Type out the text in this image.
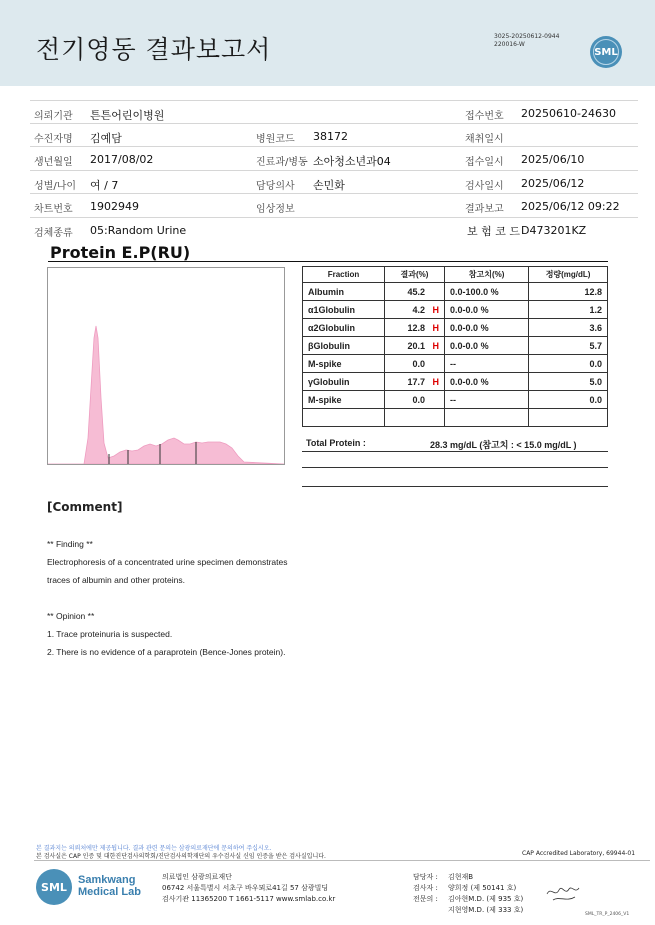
전기영동 결과보고서	3025-20250612-0944
220016-W
SML
의뢰기관 튼튼어린이병원	접수번호 20250610-24630
수진자명 김예담	병원코드 38172	채취일시
생년월일 2017/08/02	진료과/병동 소아청소년과04	접수일시 2025/06/10
성별/나이 여 / 7	담당의사 손민화	검사일시 2025/06/12
차트번호 1902949	임상정보	결과보고 2025/06/12 09:22
검체종류 05:Random Urine	보 험 코 드 D473201KZ
Protein E.P(RU)
Fraction	결과(%)	참고치(%)	정량(mg/dL)
Albumin	45.2	0.0-100.0 %	12.8
α1Globulin	4.2 H	0.0-0.0 %	1.2
α2Globulin	12.8 H	0.0-0.0 %	3.6
βGlobulin	20.1 H	0.0-0.0 %	5.7
M-spike	0.0	--	0.0
γGlobulin	17.7 H	0.0-0.0 %	5.0
M-spike	0.0	--	0.0

Total Protein :	28.3 mg/dL (참고치 : < 15.0 mg/dL )
[Comment]
** Finding **
Electrophoresis of a concentrated urine specimen demonstrates
traces of albumin and other proteins.
** Opinion **
1. Trace proteinuria is suspected.
2. There is no evidence of a paraprotein (Bence-Jones protein).
본 결과지는 의뢰처에만 제공됩니다. 결과 관련 문의는 삼광의료재단에 문의하여 주십시오.
본 검사실은 CAP 인증 및 대한진단검사의학회/진단검사의학재단의 우수검사실 신임 인증을 받은 검사실입니다.	CAP Accredited Laboratory, 69944-01
SML
Samkwang
Medical Lab
의료법인 삼광의료재단
06742 서울특별시 서초구 바우뫼로41길 57 삼광빌딩
검사기관 11365200 T 1661-5117 www.smlab.co.kr
담당자 : 김현재B
검사자 : 양희정 (제 50141 호)
전문의 : 김아현M.D. (제 935 호)
지현영M.D. (제 333 호)
SML_TR_P_2406_V1
